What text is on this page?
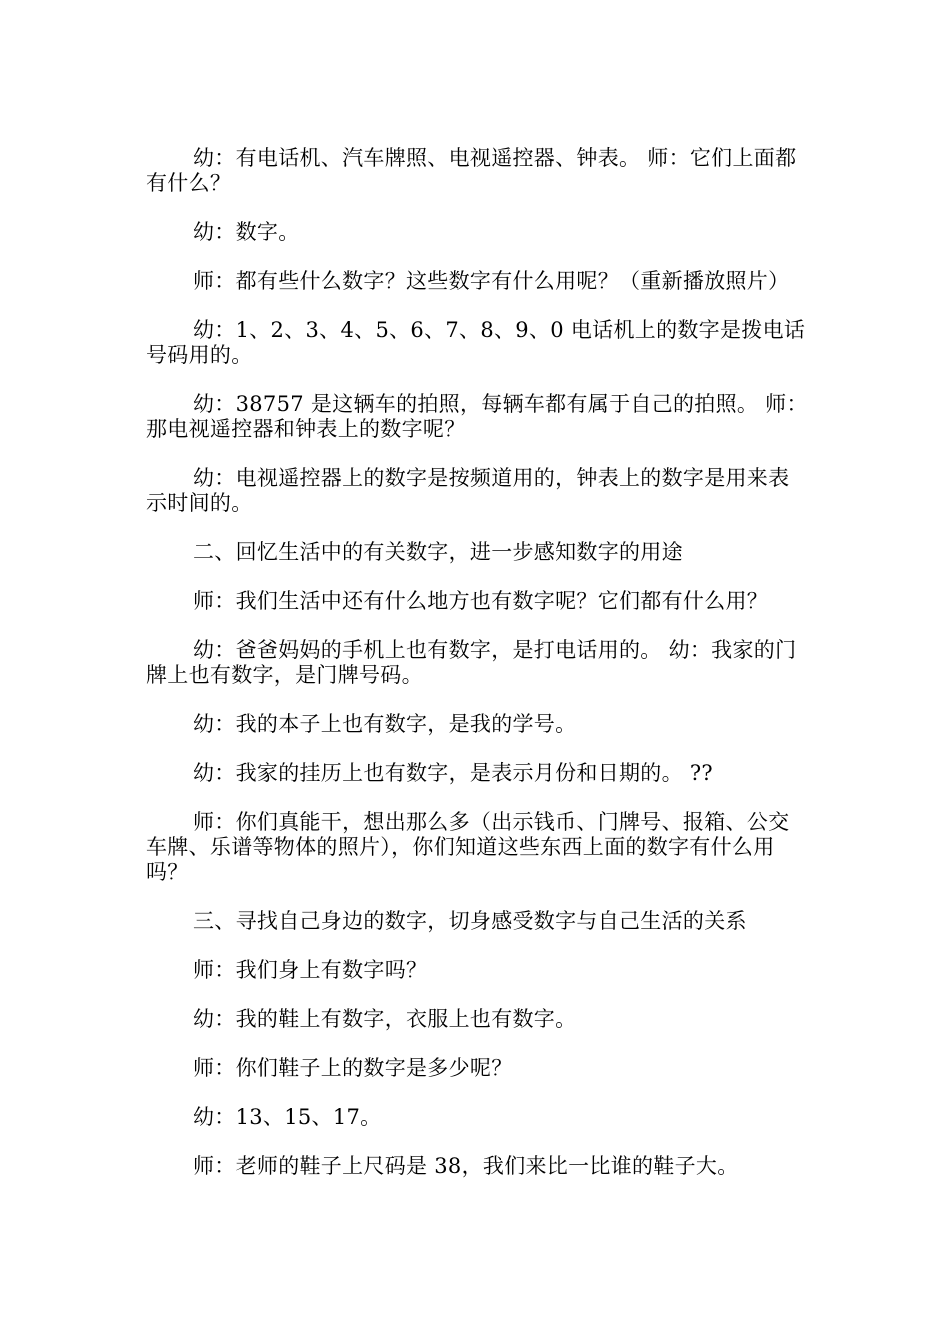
幼：有电话机、汽车牌照、电视遥控器、钟表。 师：它们上面都有什么？

幼：数字。

师：都有些什么数字？这些数字有什么用呢？（重新播放照片）

幼：1、2、3、4、5、6、7、8、9、0 电话机上的数字是拨电话号码用的。

幼：38757 是这辆车的拍照，每辆车都有属于自己的拍照。 师：那电视遥控器和钟表上的数字呢？

幼：电视遥控器上的数字是按频道用的，钟表上的数字是用来表示时间的。

二、回忆生活中的有关数字，进一步感知数字的用途

师：我们生活中还有什么地方也有数字呢？它们都有什么用？

幼：爸爸妈妈的手机上也有数字，是打电话用的。 幼：我家的门牌上也有数字，是门牌号码。

幼：我的本子上也有数字，是我的学号。

幼：我家的挂历上也有数字，是表示月份和日期的。 ??

师：你们真能干，想出那么多（出示钱币、门牌号、报箱、公交车牌、乐谱等物体的照片），你们知道这些东西上面的数字有什么用吗？

三、寻找自己身边的数字，切身感受数字与自己生活的关系

师：我们身上有数字吗？

幼：我的鞋上有数字，衣服上也有数字。

师：你们鞋子上的数字是多少呢？

幼：13、15、17。

师：老师的鞋子上尺码是 38，我们来比一比谁的鞋子大。
